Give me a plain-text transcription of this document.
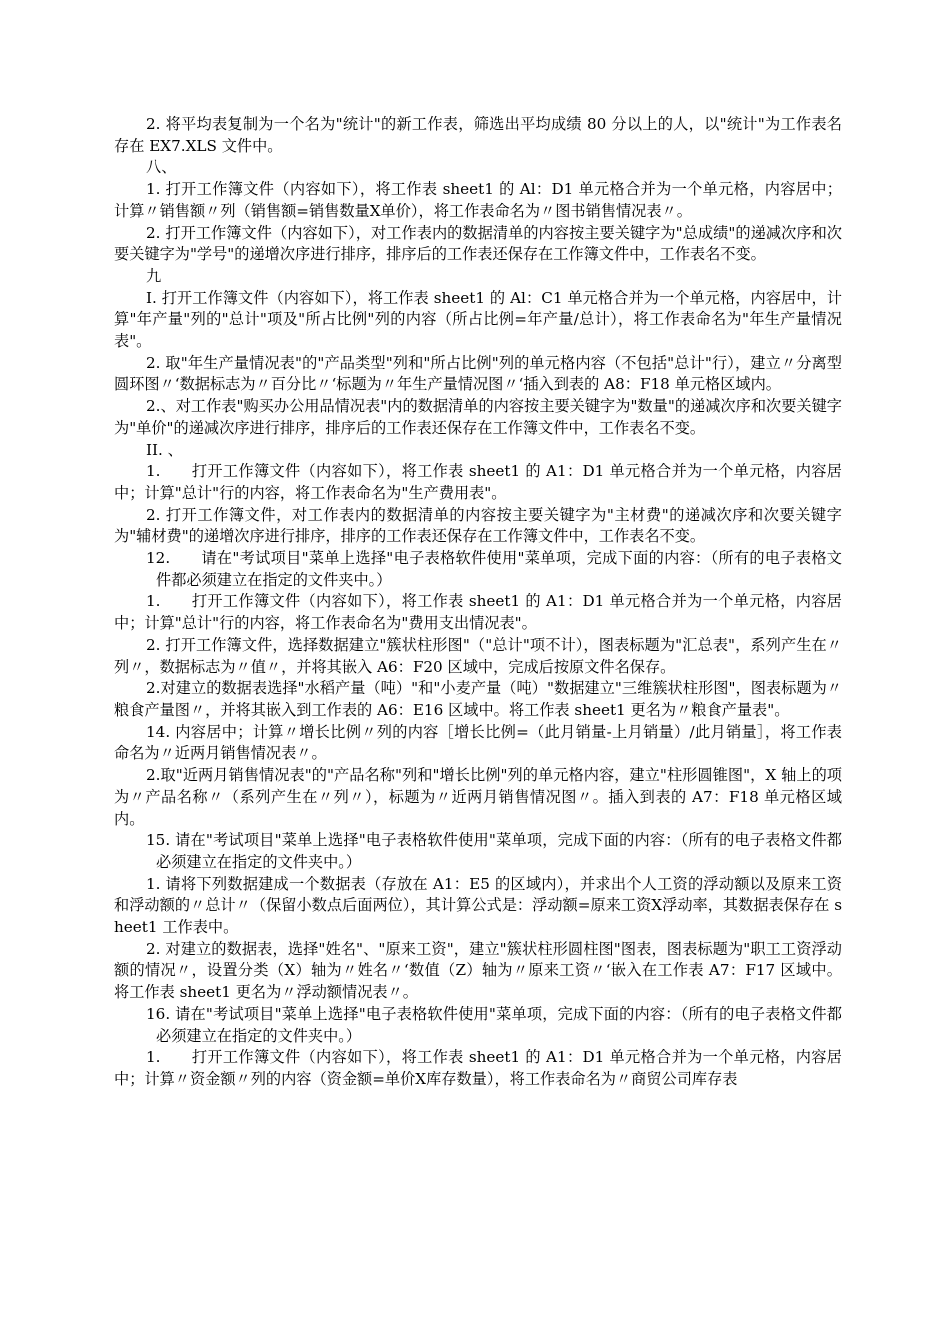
2. 将平均表复制为一个名为"统计"的新工作表，筛选出平均成绩 80 分以上的人，以"统计"为工作表名存在 EX7.XLS 文件中。

八、

1. 打开工作簿文件（内容如下），将工作表 sheet1 的 Al：D1 单元格合并为一个单元格，内容居中；计算〃销售额〃列（销售额=销售数量Ⅹ单价），将工作表命名为〃图书销售情况表〃。

2. 打开工作簿文件（内容如下），对工作表内的数据清单的内容按主要关键字为"总成绩"的递减次序和次要关键字为"学号"的递增次序进行排序，排序后的工作表还保存在工作簿文件中，工作表名不变。

九

I. 打开工作簿文件（内容如下），将工作表 sheet1 的 Al：C1 单元格合并为一个单元格，内容居中，计算"年产量"列的"总计"项及"所占比例"列的内容（所占比例=年产量/总计），将工作表命名为"年生产量情况表"。

2. 取"年生产量情况表"的"产品类型"列和"所占比例"列的单元格内容（不包括"总计"行），建立〃分离型圆环图〃‘数据标志为〃百分比〃‘标题为〃年生产量情况图〃‘插入到表的 A8：F18 单元格区域内。

2.、对工作表"购买办公用品情况表"内的数据清单的内容按主要关键字为"数量"的递减次序和次要关键字为"单价"的递减次序进行排序，排序后的工作表还保存在工作簿文件中，工作表名不变。

II. 、

1.　　打开工作簿文件（内容如下），将工作表 sheet1 的 A1：D1 单元格合并为一个单元格，内容居中；计算"总计"行的内容，将工作表命名为"生产费用表"。

2. 打开工作簿文件，对工作表内的数据清单的内容按主要关键字为"主材费"的递减次序和次要关键字为"辅材费"的递增次序进行排序，排序的工作表还保存在工作簿文件中，工作表名不变。

12.　　请在"考试项目"菜单上选择"电子表格软件使用"菜单项，完成下面的内容：（所有的电子表格文件都必须建立在指定的文件夹中。）

1.　　打开工作簿文件（内容如下），将工作表 sheet1 的 A1：D1 单元格合并为一个单元格，内容居中；计算"总计"行的内容，将工作表命名为"费用支出情况表"。

2. 打开工作簿文件，选择数据建立"簇状柱形图"（"总计"项不计），图表标题为"汇总表"，系列产生在〃列〃，数据标志为〃值〃，并将其嵌入 A6：F20 区域中，完成后按原文件名保存。

2.对建立的数据表选择"水稻产量（吨）"和"小麦产量（吨）"数据建立"三维簇状柱形图"，图表标题为〃粮食产量图〃，并将其嵌入到工作表的 A6：E16 区域中。将工作表 sheet1 更名为〃粮食产量表"。

14. 内容居中；计算〃增长比例〃列的内容［增长比例=（此月销量-上月销量）/此月销量］，将工作表命名为〃近两月销售情况表〃。

2.取"近两月销售情况表"的"产品名称"列和"增长比例"列的单元格内容，建立"柱形圆锥图"，X 轴上的项为〃产品名称〃（系列产生在〃列〃），标题为〃近两月销售情况图〃。插入到表的 A7：F18 单元格区域内。

15. 请在"考试项目"菜单上选择"电子表格软件使用"菜单项，完成下面的内容：（所有的电子表格文件都必须建立在指定的文件夹中。）

1. 请将下列数据建成一个数据表（存放在 A1：E5 的区域内），并求出个人工资的浮动额以及原来工资和浮动额的〃总计〃（保留小数点后面两位），其计算公式是：浮动额=原来工资Ⅹ浮动率，其数据表保存在 sheet1 工作表中。

2. 对建立的数据表，选择"姓名"、"原来工资"，建立"簇状柱形圆柱图"图表，图表标题为"职工工资浮动额的情况〃，设置分类（X）轴为〃姓名〃‘数值（Z）轴为〃原来工资〃‘嵌入在工作表 A7：F17 区域中。将工作表 sheet1 更名为〃浮动额情况表〃。

16. 请在"考试项目"菜单上选择"电子表格软件使用"菜单项，完成下面的内容：（所有的电子表格文件都必须建立在指定的文件夹中。）

1.　　打开工作簿文件（内容如下），将工作表 sheet1 的 A1：D1 单元格合并为一个单元格，内容居中；计算〃资金额〃列的内容（资金额=单价Ⅹ库存数量），将工作表命名为〃商贸公司库存表
